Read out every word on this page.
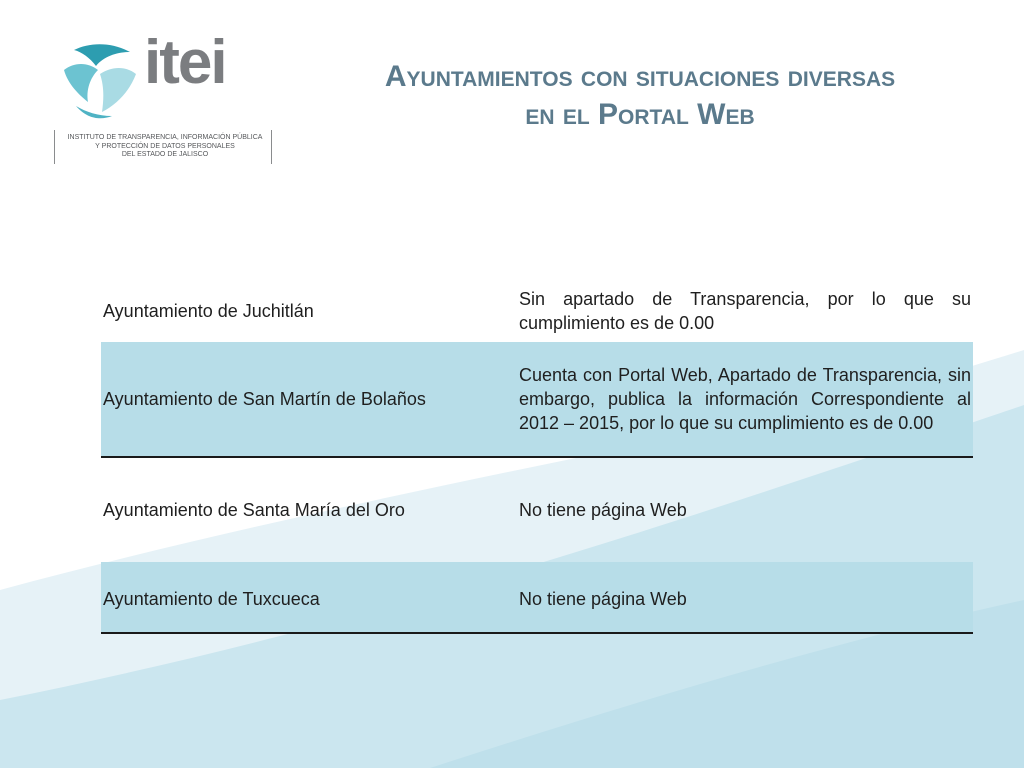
itei
INSTITUTO DE TRANSPARENCIA, INFORMACIÓN PÚBLICA
Y PROTECCIÓN DE DATOS PERSONALES
DEL ESTADO DE JALISCO
Ayuntamientos con situaciones diversas
en el Portal Web
Ayuntamiento de Juchitlán
Sin apartado de Transparencia, por lo que su cumplimiento es de 0.00
Ayuntamiento de San Martín de Bolaños
Cuenta con Portal Web, Apartado de Transparencia, sin embargo, publica la información Correspondiente al 2012 – 2015, por lo que su cumplimiento es de 0.00
Ayuntamiento de Santa María del Oro	No tiene página Web
Ayuntamiento de Tuxcueca	No tiene página Web
